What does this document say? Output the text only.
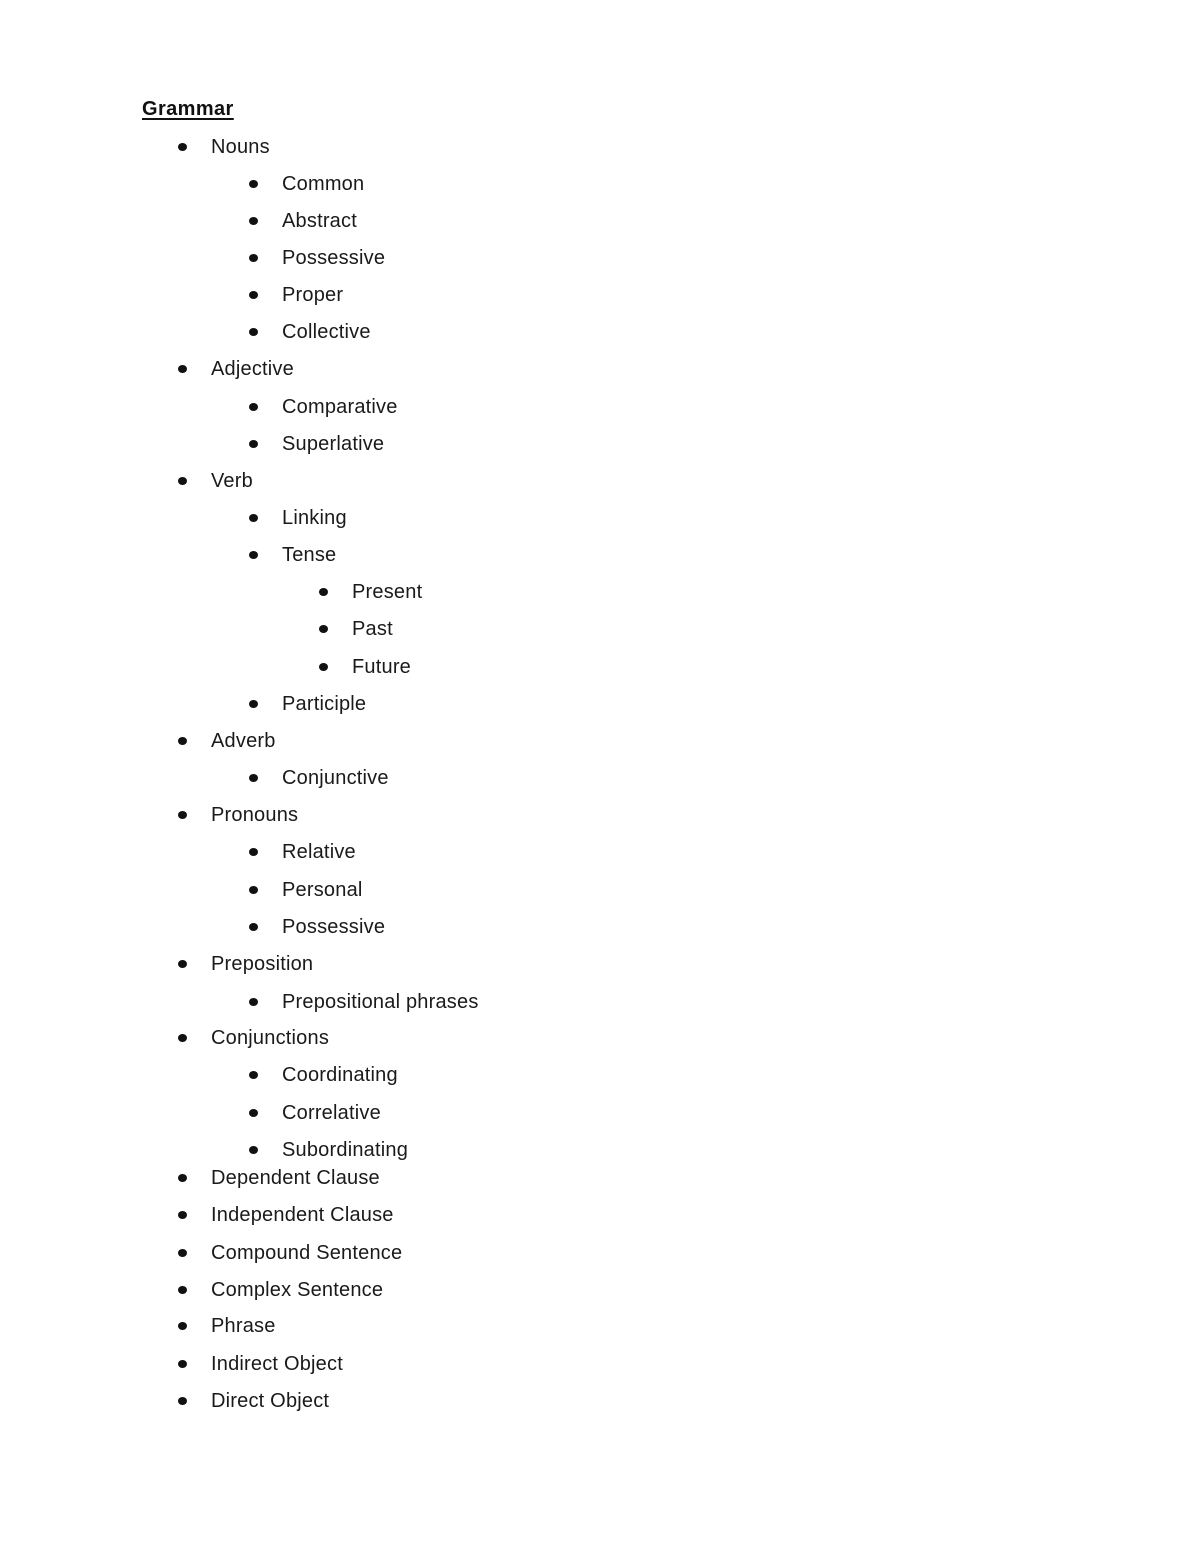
Grammar
Nouns
Common
Abstract
Possessive
Proper
Collective
Adjective
Comparative
Superlative
Verb
Linking
Tense
Present
Past
Future
Participle
Adverb
Conjunctive
Pronouns
Relative
Personal
Possessive
Preposition
Prepositional phrases
Conjunctions
Coordinating
Correlative
Subordinating
Dependent Clause
Independent Clause
Compound Sentence
Complex Sentence
Phrase
Indirect Object
Direct Object
